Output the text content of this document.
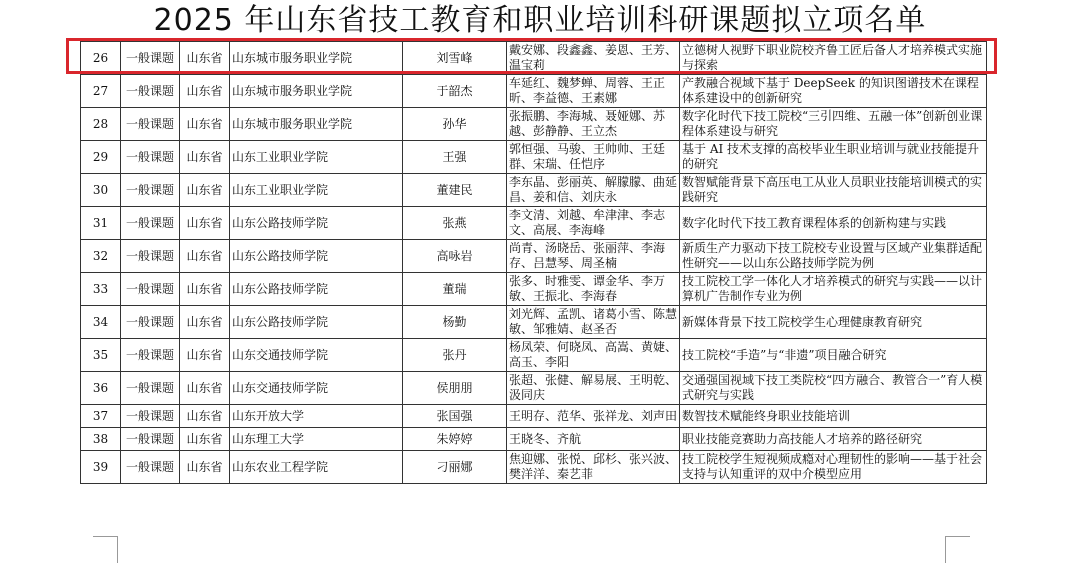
2025 年山东省技工教育和职业培训科研课题拟立项名单
26	一般课题	山东省	山东城市服务职业学院	刘雪峰	戴安娜、段鑫鑫、姜恩、王芳、温宝莉	立德树人视野下职业院校齐鲁工匠后备人才培养模式实施与探索
27	一般课题	山东省	山东城市服务职业学院	于韶杰	车延红、魏梦蝉、周蓉、王正昕、李益德、王素娜	产教融合视域下基于 DeepSeek 的知识图谱技术在课程体系建设中的创新研究
28	一般课题	山东省	山东城市服务职业学院	孙华	张振鹏、李海城、聂娅娜、苏越、彭静静、王立杰	数字化时代下技工院校“三引四维、五融一体”创新创业课程体系建设与研究
29	一般课题	山东省	山东工业职业学院	王强	郭恒强、马骏、王帅帅、王廷群、宋瑞、任恺序	基于 AI 技术支撑的高校毕业生职业培训与就业技能提升的研究
30	一般课题	山东省	山东工业职业学院	董建民	李东晶、彭丽英、解朦朦、曲延昌、姜和信、刘庆永	数智赋能背景下高压电工从业人员职业技能培训模式的实践研究
31	一般课题	山东省	山东公路技师学院	张燕	李文清、刘越、牟津津、李志文、高展、李海峰	数字化时代下技工教育课程体系的创新构建与实践
32	一般课题	山东省	山东公路技师学院	高咏岩	尚青、汤晓岳、张丽萍、李海存、吕慧琴、周圣楠	新质生产力驱动下技工院校专业设置与区域产业集群适配性研究——以山东公路技师学院为例
33	一般课题	山东省	山东公路技师学院	董瑞	张多、时雅雯、谭金华、李万敏、王振北、李海春	技工院校工学一体化人才培养模式的研究与实践——以计算机广告制作专业为例
34	一般课题	山东省	山东公路技师学院	杨勤	刘光辉、孟凯、诸葛小雪、陈慧敏、邹雅婧、赵圣否	新媒体背景下技工院校学生心理健康教育研究
35	一般课题	山东省	山东交通技师学院	张丹	杨凤荣、何晓凤、高嵩、黄婕、高玉、李阳	技工院校“手造”与“非遗”项目融合研究
36	一般课题	山东省	山东交通技师学院	侯朋朋	张超、张健、解易展、王明乾、汲同庆	交通强国视域下技工类院校“四方融合、教管合一”育人模式研究与实践
37	一般课题	山东省	山东开放大学	张国强	王明存、范华、张祥龙、刘声田	数智技术赋能终身职业技能培训
38	一般课题	山东省	山东理工大学	朱婷婷	王晓冬、齐航	职业技能竞赛助力高技能人才培养的路径研究
39	一般课题	山东省	山东农业工程学院	刁丽娜	焦迎娜、张悦、邱杉、张兴波、樊洋洋、秦艺菲	技工院校学生短视频成瘾对心理韧性的影响——基于社会支持与认知重评的双中介模型应用
